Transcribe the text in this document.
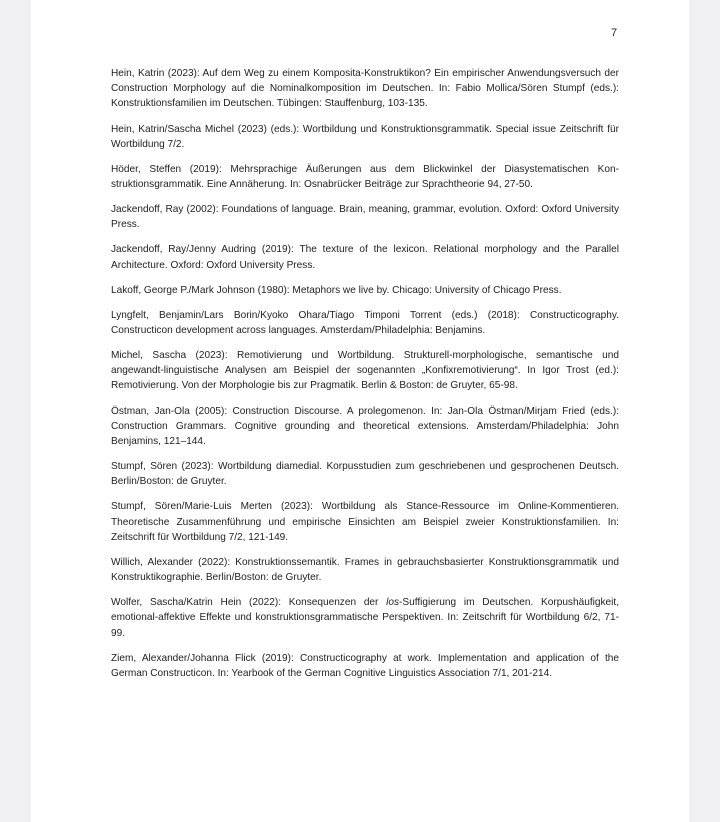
7
Hein, Katrin (2023): Auf dem Weg zu einem Komposita-Konstruktikon? Ein empirischer Anwendungsversuch der Construction Morphology auf die Nominalkomposition im Deutschen. In: Fabio Mollica/Sören Stumpf (eds.): Konstruktionsfamilien im Deutschen. Tübingen: Stauffenburg, 103-135.
Hein, Katrin/Sascha Michel (2023) (eds.): Wortbildung und Konstruktionsgrammatik. Special issue Zeitschrift für Wortbildung 7/2.
Höder, Steffen (2019): Mehrsprachige Äußerungen aus dem Blickwinkel der Diasystematischen Konstruktionsgrammatik. Eine Annäherung. In: Osnabrücker Beiträge zur Sprachtheorie 94, 27-50.
Jackendoff, Ray (2002): Foundations of language. Brain, meaning, grammar, evolution. Oxford: Oxford University Press.
Jackendoff, Ray/Jenny Audring (2019): The texture of the lexicon. Relational morphology and the Parallel Architecture. Oxford: Oxford University Press.
Lakoff, George P./Mark Johnson (1980): Metaphors we live by. Chicago: University of Chicago Press.
Lyngfelt, Benjamin/Lars Borin/Kyoko Ohara/Tiago Timponi Torrent (eds.) (2018): Constructicography. Constructicon development across languages. Amsterdam/Philadelphia: Benjamins.
Michel, Sascha (2023): Remotivierung und Wortbildung. Strukturell-morphologische, semantische und angewandt-linguistische Analysen am Beispiel der sogenannten „Konfixremotivierung“. In Igor Trost (ed.): Remotivierung. Von der Morphologie bis zur Pragmatik. Berlin & Boston: de Gruyter, 65-98.
Östman, Jan-Ola (2005): Construction Discourse. A prolegomenon. In: Jan-Ola Östman/Mirjam Fried (eds.): Construction Grammars. Cognitive grounding and theoretical extensions. Amsterdam/Philadelphia: John Benjamins, 121–144.
Stumpf, Sören (2023): Wortbildung diamedial. Korpusstudien zum geschriebenen und gesprochenen Deutsch. Berlin/Boston: de Gruyter.
Stumpf, Sören/Marie-Luis Merten (2023): Wortbildung als Stance-Ressource im Online-Kommentieren. Theoretische Zusammenführung und empirische Einsichten am Beispiel zweier Konstruktionsfamilien. In: Zeitschrift für Wortbildung 7/2, 121-149.
Willich, Alexander (2022): Konstruktionssemantik. Frames in gebrauchsbasierter Konstruktionsgrammatik und Konstruktikographie. Berlin/Boston: de Gruyter.
Wolfer, Sascha/Katrin Hein (2022): Konsequenzen der los-Suffigierung im Deutschen. Korpushäufigkeit, emotional-affektive Effekte und konstruktionsgrammatische Perspektiven. In: Zeitschrift für Wortbildung 6/2, 71-99.
Ziem, Alexander/Johanna Flick (2019): Constructicography at work. Implementation and application of the German Constructicon. In: Yearbook of the German Cognitive Linguistics Association 7/1, 201-214.
